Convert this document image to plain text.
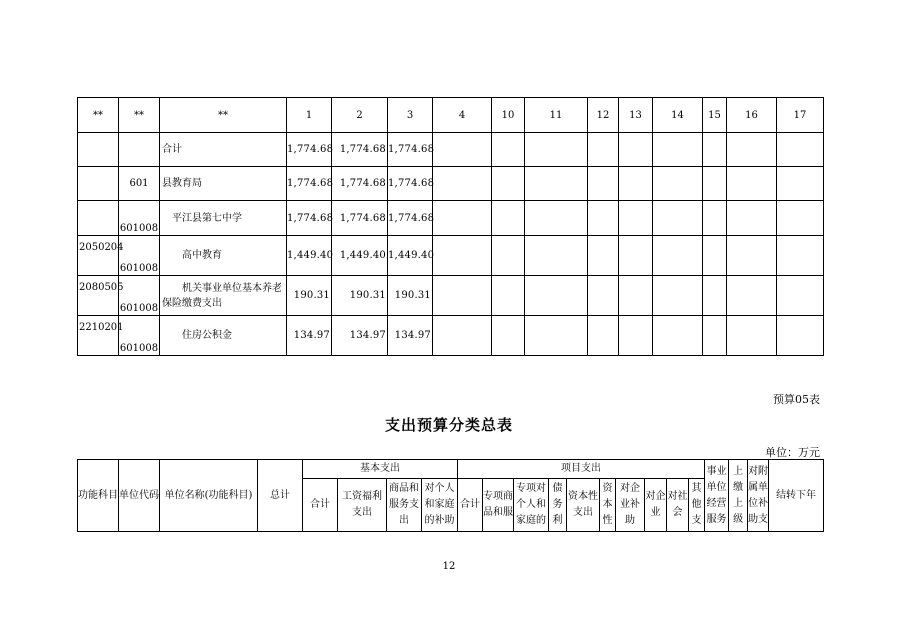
**	**	**	1	2	3	4	10	11	12	13	14	15	16	17
		合计	1,774.68	1,774.68	1,774.68									
	601	县教育局	1,774.68	1,774.68	1,774.68									
	601008	平江县第七中学	1,774.68	1,774.68	1,774.68									
2050204	601008	高中教育	1,449.40	1,449.40	1,449.40									
2080505	601008	机关事业单位基本养老保险缴费支出	190.31	190.31	190.31									
2210201	601008	住房公积金	134.97	134.97	134.97									
预算05表
支出预算分类总表
单位：万元
功能科目	单位代码	单位名称(功能科目)	总计	基本支出				项目支出										事业单位经营服务	上缴上级	对附属单位补助支	结转下年
				合计	工资福利支出	商品和服务支出	对个人和家庭的补助	合计	专项商品和服	专项对个人和家庭的	债务利	资本性支出	资本性	对企业补助	对企业	对社会	其他支				
12
